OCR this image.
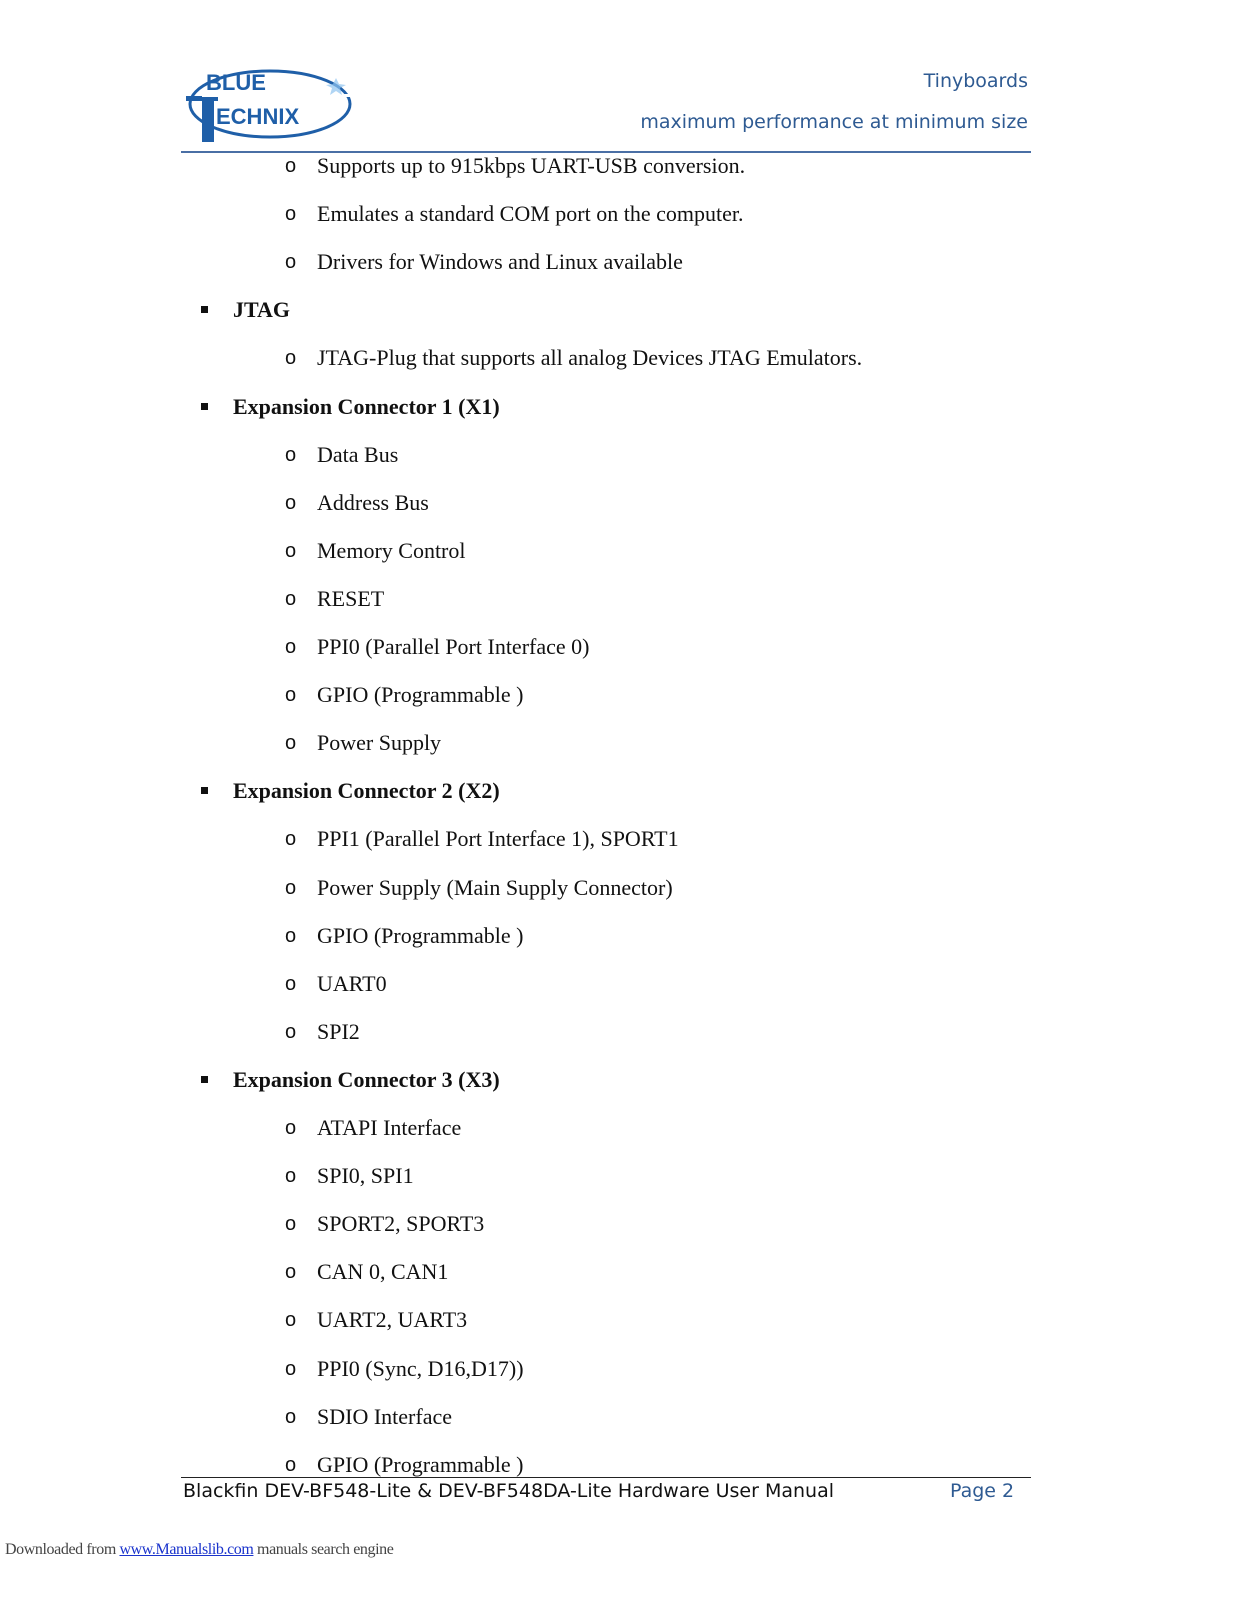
BLUE
ECHNIX
Tinyboards
maximum performance at minimum size
o Supports up to 915kbps UART-USB conversion.
o Emulates a standard COM port on the computer.
o Drivers for Windows and Linux available
JTAG
o JTAG-Plug that supports all analog Devices JTAG Emulators.
Expansion Connector 1 (X1)
o Data Bus
o Address Bus
o Memory Control
o RESET
o PPI0 (Parallel Port Interface 0)
o GPIO (Programmable )
o Power Supply
Expansion Connector 2 (X2)
o PPI1 (Parallel Port Interface 1), SPORT1
o Power Supply (Main Supply Connector)
o GPIO (Programmable )
o UART0
o SPI2
Expansion Connector 3 (X3)
o ATAPI Interface
o SPI0, SPI1
o SPORT2, SPORT3
o CAN 0, CAN1
o UART2, UART3
o PPI0 (Sync, D16,D17))
o SDIO Interface
o GPIO (Programmable )
Blackfin DEV-BF548-Lite & DEV-BF548DA-Lite Hardware User Manual	Page 2
Downloaded from www.Manualslib.com manuals search engine
